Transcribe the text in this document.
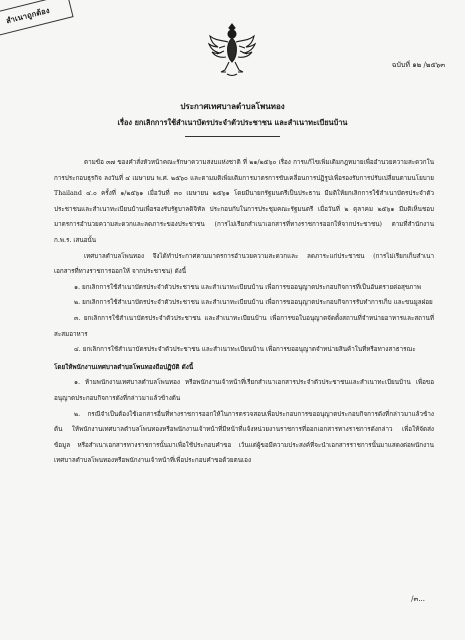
สำเนาถูกต้อง
ฉบับที่ ๑๒ /๒๕๖๓
ประกาศเทศบาลตำบลโพนทอง
เรื่อง ยกเลิกการใช้สำเนาบัตรประจำตัวประชาชน และสำเนาทะเบียนบ้าน

ตามข้อ ๓๗ ของคำสั่งหัวหน้าคณะรักษาความสงบแห่งชาติ ที่ ๒๑/๒๕๖๐ เรื่อง การแก้ไขเพิ่มเติมกฎหมายเพื่ออำนวยความสะดวกในการประกอบธุรกิจ ลงวันที่ ๔ เมษายน พ.ศ. ๒๕๖๐ และตามมติเพิ่มเติมการมาตรการขับเคลื่อนการปฏิรูปเพื่อรองรับการปรับเปลี่ยนตามนโยบาย Thailand ๔.๐ ครั้งที่ ๑/๒๕๖๑ เมื่อวันที่ ๓๐ เมษายน ๒๕๖๑ โดยมีนายกรัฐมนตรีเป็นประธาน มีมติให้ยกเลิกการใช้สำเนาบัตรประจำตัวประชาชนและสำเนาทะเบียนบ้านเพื่อรองรับรัฐบาลดิจิทัล ประกอบกับในการประชุมคณะรัฐมนตรี เมื่อวันที่ ๒ ตุลาคม ๒๕๖๑ มีมติเห็นชอบมาตรการอำนวยความสะดวกและลดภาระของประชาชน (การไม่เรียกสำเนาเอกสารที่ทางราชการออกให้จากประชาชน) ตามที่สำนักงาน ก.พ.ร. เสนอนั้น

เทศบาลตำบลโพนทอง จึงได้ทำประกาศตามมาตรการอำนวยความสะดวกและ ลดภาระแก่ประชาชน (การไม่เรียกเก็บสำเนาเอกสารที่ทางราชการออกให้ จากประชาชน) ดังนี้

๑. ยกเลิกการใช้สำเนาบัตรประจำตัวประชาชน และสำเนาทะเบียนบ้าน เพื่อการขออนุญาตประกอบกิจการที่เป็นอันตรายต่อสุขภาพ

๒. ยกเลิกการใช้สำเนาบัตรประจำตัวประชาชน และสำเนาทะเบียนบ้าน เพื่อการขออนุญาตประกอบกิจการรับทำการเก็บ และขนมูลฝอย

๓. ยกเลิกการใช้สำเนาบัตรประจำตัวประชาชน และสำเนาทะเบียนบ้าน เพื่อการขอใบอนุญาตจัดตั้งสถานที่จำหน่ายอาหารและสถานที่สะสมอาหาร

๔. ยกเลิกการใช้สำเนาบัตรประจำตัวประชาชน และสำเนาทะเบียนบ้าน เพื่อการขออนุญาตจำหน่ายสินค้าในที่หรือทางสาธารณะ

โดยให้พนักงานเทศบาลตำบลโพนทองถือปฏิบัติ ดังนี้

๑. ห้ามพนักงานเทศบาลตำบลโพนทอง หรือพนักงานเจ้าหน้าที่เรียกสำเนาเอกสารประจำตัวประชาชนและสำเนาทะเบียนบ้าน เพื่อขออนุญาตประกอบกิจการดังที่กล่าวมาแล้วข้างต้น

๒. กรณีจำเป็นต้องใช้เอกสารอื่นที่ทางราชการออกให้ในการตรวจสอบเพื่อประกอบการขออนุญาตประกอบกิจการดังที่กล่าวมาแล้วข้างต้น ให้พนักงานเทศบาลตำบลโพนทองหรือพนักงานเจ้าหน้าที่มีหน้าที่แจ้งหน่วยงานราชการที่ออกเอกสารทางราชการดังกล่าว เพื่อให้จัดส่งข้อมูล หรือสำเนาเอกสารทางราชการนั้นมาเพื่อใช้ประกอบคำขอ เว้นแต่ผู้ขอมีความประสงค์ที่จะนำเอกสารราชการนั้นมาแสดงต่อพนักงานเทศบาลตำบลโพนทองหรือพนักงานเจ้าหน้าที่เพื่อประกอบคำขอด้วยตนเอง

/๓...
